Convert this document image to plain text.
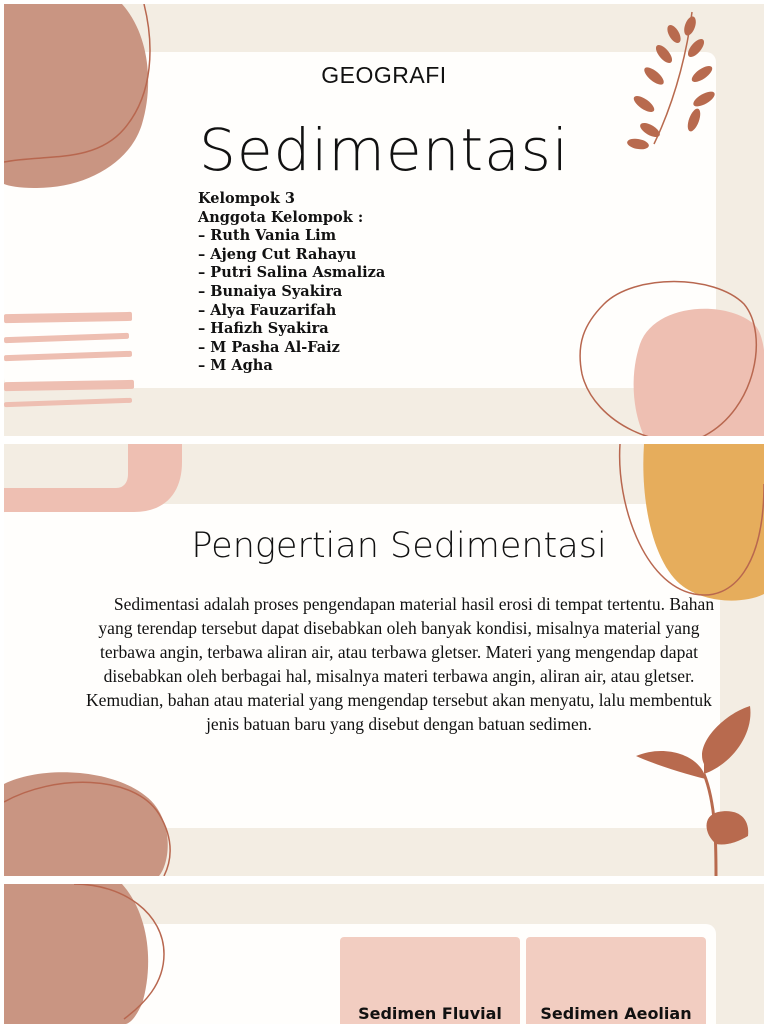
GEOGRAFI
Sedimentasi
Kelompok 3
Anggota Kelompok :
– Ruth Vania Lim
– Ajeng Cut Rahayu
– Putri Salina Asmaliza
– Bunaiya Syakira
– Alya Fauzarifah
– Hafizh Syakira
– M Pasha Al-Faiz
– M Agha
Pengertian Sedimentasi
Sedimentasi adalah proses pengendapan material hasil erosi di tempat tertentu. Bahan yang terendap tersebut dapat disebabkan oleh banyak kondisi, misalnya material yang terbawa angin, terbawa aliran air, atau terbawa gletser. Materi yang mengendap dapat disebabkan oleh berbagai hal, misalnya materi terbawa angin, aliran air, atau gletser. Kemudian, bahan atau material yang mengendap tersebut akan menyatu, lalu membentuk jenis batuan baru yang disebut dengan batuan sedimen.
Sedimen Fluvial	Sedimen Aeolian
